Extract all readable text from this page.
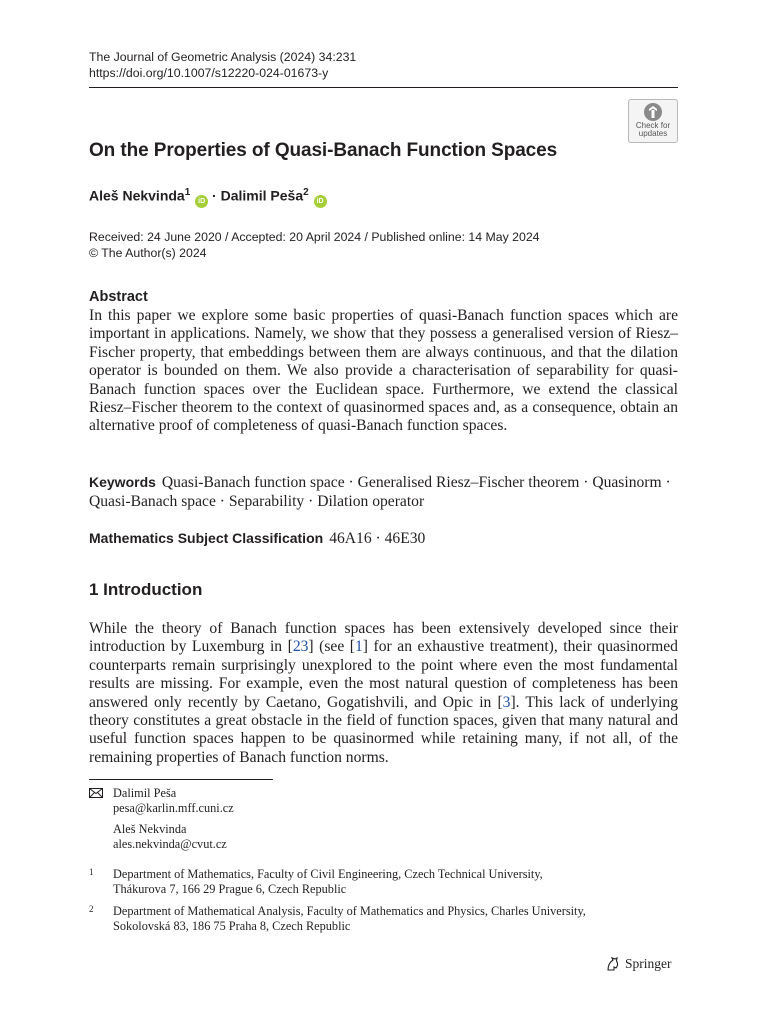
The Journal of Geometric Analysis (2024) 34:231
https://doi.org/10.1007/s12220-024-01673-y
Check for
updates
On the Properties of Quasi-Banach Function Spaces
Aleš Nekvinda$^1$ iD · Dalimil Peša$^2$ iD
Received: 24 June 2020 / Accepted: 20 April 2024 / Published online: 14 May 2024
© The Author(s) 2024
Abstract
In this paper we explore some basic properties of quasi-Banach function spaces which are important in applications. Namely, we show that they possess a generalised version of Riesz–Fischer property, that embeddings between them are always continuous, and that the dilation operator is bounded on them. We also provide a characterisation of separability for quasi-Banach function spaces over the Euclidean space. Furthermore, we extend the classical Riesz–Fischer theorem to the context of quasinormed spaces and, as a consequence, obtain an alternative proof of completeness of quasi-Banach function spaces.
Keywords Quasi-Banach function space · Generalised Riesz–Fischer theorem · Quasinorm · Quasi-Banach space · Separability · Dilation operator
Mathematics Subject Classification 46A16 · 46E30
1 Introduction
While the theory of Banach function spaces has been extensively developed since their introduction by Luxemburg in [23] (see [1] for an exhaustive treatment), their quasinormed counterparts remain surprisingly unexplored to the point where even the most fundamental results are missing. For example, even the most natural question of completeness has been answered only recently by Caetano, Gogatishvili, and Opic in [3]. This lack of underlying theory constitutes a great obstacle in the field of function spaces, given that many natural and useful function spaces happen to be quasinormed while retaining many, if not all, of the remaining properties of Banach function norms.
Dalimil Peša
pesa@karlin.mff.cuni.cz
Aleš Nekvinda
ales.nekvinda@cvut.cz
1 Department of Mathematics, Faculty of Civil Engineering, Czech Technical University,
Thákurova 7, 166 29 Prague 6, Czech Republic
2 Department of Mathematical Analysis, Faculty of Mathematics and Physics, Charles University,
Sokolovská 83, 186 75 Praha 8, Czech Republic
Springer
